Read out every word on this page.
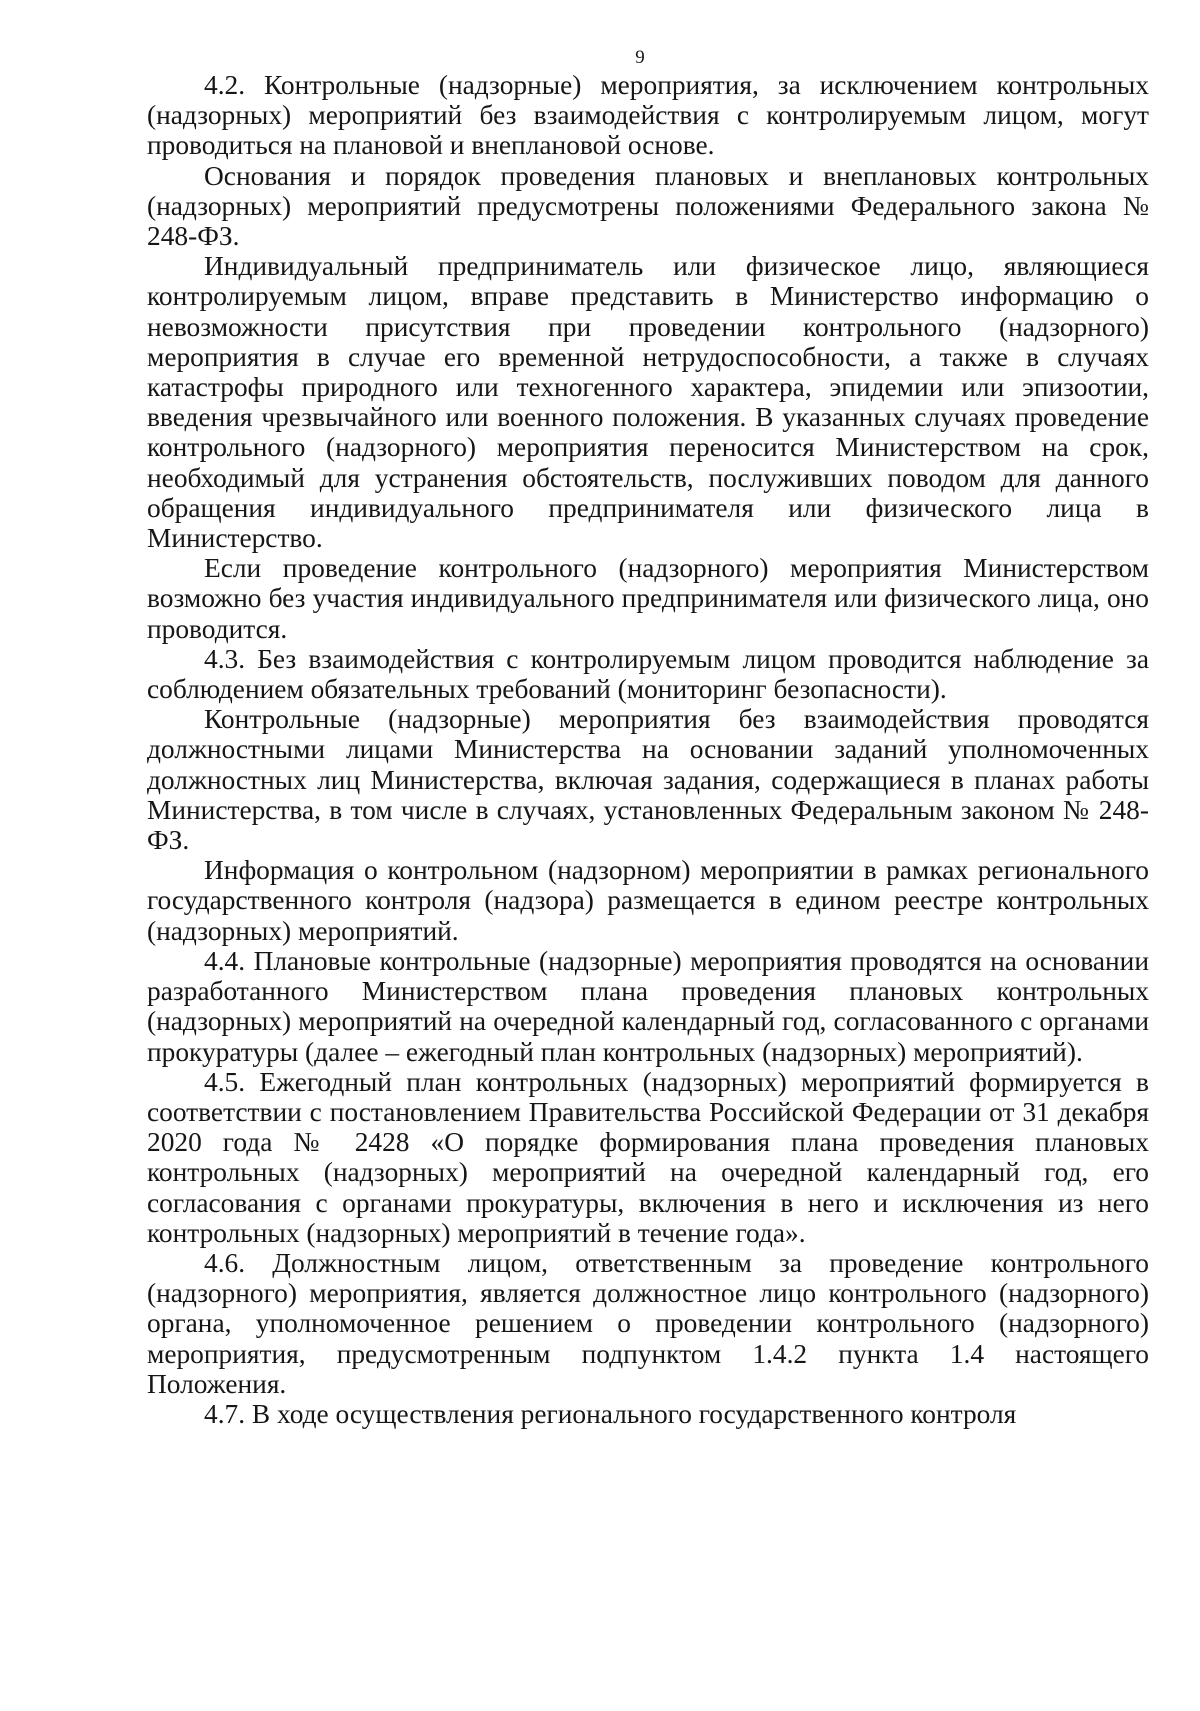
9

4.2. Контрольные (надзорные) мероприятия, за исключением контрольных (надзорных) мероприятий без взаимодействия с контролируемым лицом, могут проводиться на плановой и внеплановой основе.

Основания и порядок проведения плановых и внеплановых контрольных (надзорных) мероприятий предусмотрены положениями Федерального закона № 248-ФЗ.

Индивидуальный предприниматель или физическое лицо, являющиеся контролируемым лицом, вправе представить в Министерство информацию о невозможности присутствия при проведении контрольного (надзорного) мероприятия в случае его временной нетрудоспособности, а также в случаях катастрофы природного или техногенного характера, эпидемии или эпизоотии, введения чрезвычайного или военного положения. В указанных случаях проведение контрольного (надзорного) мероприятия переносится Министерством на срок, необходимый для устранения обстоятельств, послуживших поводом для данного обращения индивидуального предпринимателя или физического лица в Министерство.

Если проведение контрольного (надзорного) мероприятия Министерством возможно без участия индивидуального предпринимателя или физического лица, оно проводится.

4.3. Без взаимодействия с контролируемым лицом проводится наблюдение за соблюдением обязательных требований (мониторинг безопасности).

Контрольные (надзорные) мероприятия без взаимодействия проводятся должностными лицами Министерства на основании заданий уполномоченных должностных лиц Министерства, включая задания, содержащиеся в планах работы Министерства, в том числе в случаях, установленных Федеральным законом № 248-ФЗ.

Информация о контрольном (надзорном) мероприятии в рамках регионального государственного контроля (надзора) размещается в едином реестре контрольных (надзорных) мероприятий.

4.4. Плановые контрольные (надзорные) мероприятия проводятся на основании разработанного Министерством плана проведения плановых контрольных (надзорных) мероприятий на очередной календарный год, согласованного с органами прокуратуры (далее – ежегодный план контрольных (надзорных) мероприятий).

4.5. Ежегодный план контрольных (надзорных) мероприятий формируется в соответствии с постановлением Правительства Российской Федерации от 31 декабря 2020 года № 2428 «О порядке формирования плана проведения плановых контрольных (надзорных) мероприятий на очередной календарный год, его согласования с органами прокуратуры, включения в него и исключения из него контрольных (надзорных) мероприятий в течение года».

4.6. Должностным лицом, ответственным за проведение контрольного (надзорного) мероприятия, является должностное лицо контрольного (надзорного) органа, уполномоченное решением о проведении контрольного (надзорного) мероприятия, предусмотренным подпунктом 1.4.2 пункта 1.4 настоящего Положения.

4.7. В ходе осуществления регионального государственного контроля
